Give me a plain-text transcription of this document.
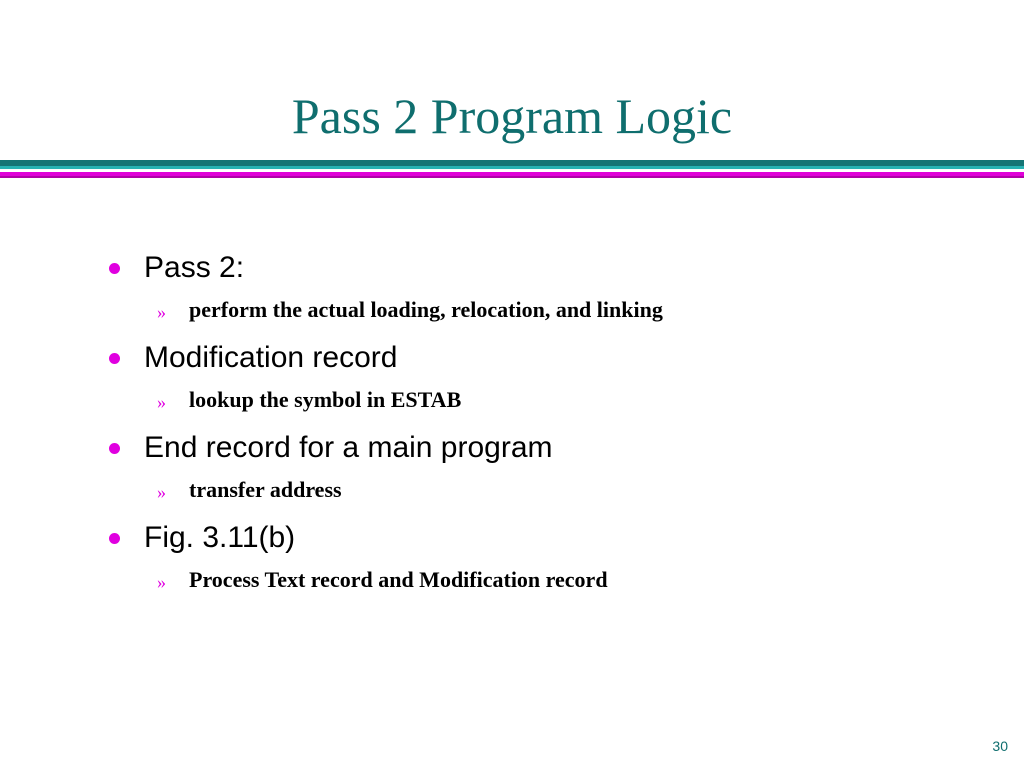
Pass 2 Program Logic
Pass 2:
» perform the actual loading, relocation, and linking
Modification record
» lookup the symbol in ESTAB
End record for a main program
» transfer address
Fig. 3.11(b)
» Process Text record and Modification record
30
